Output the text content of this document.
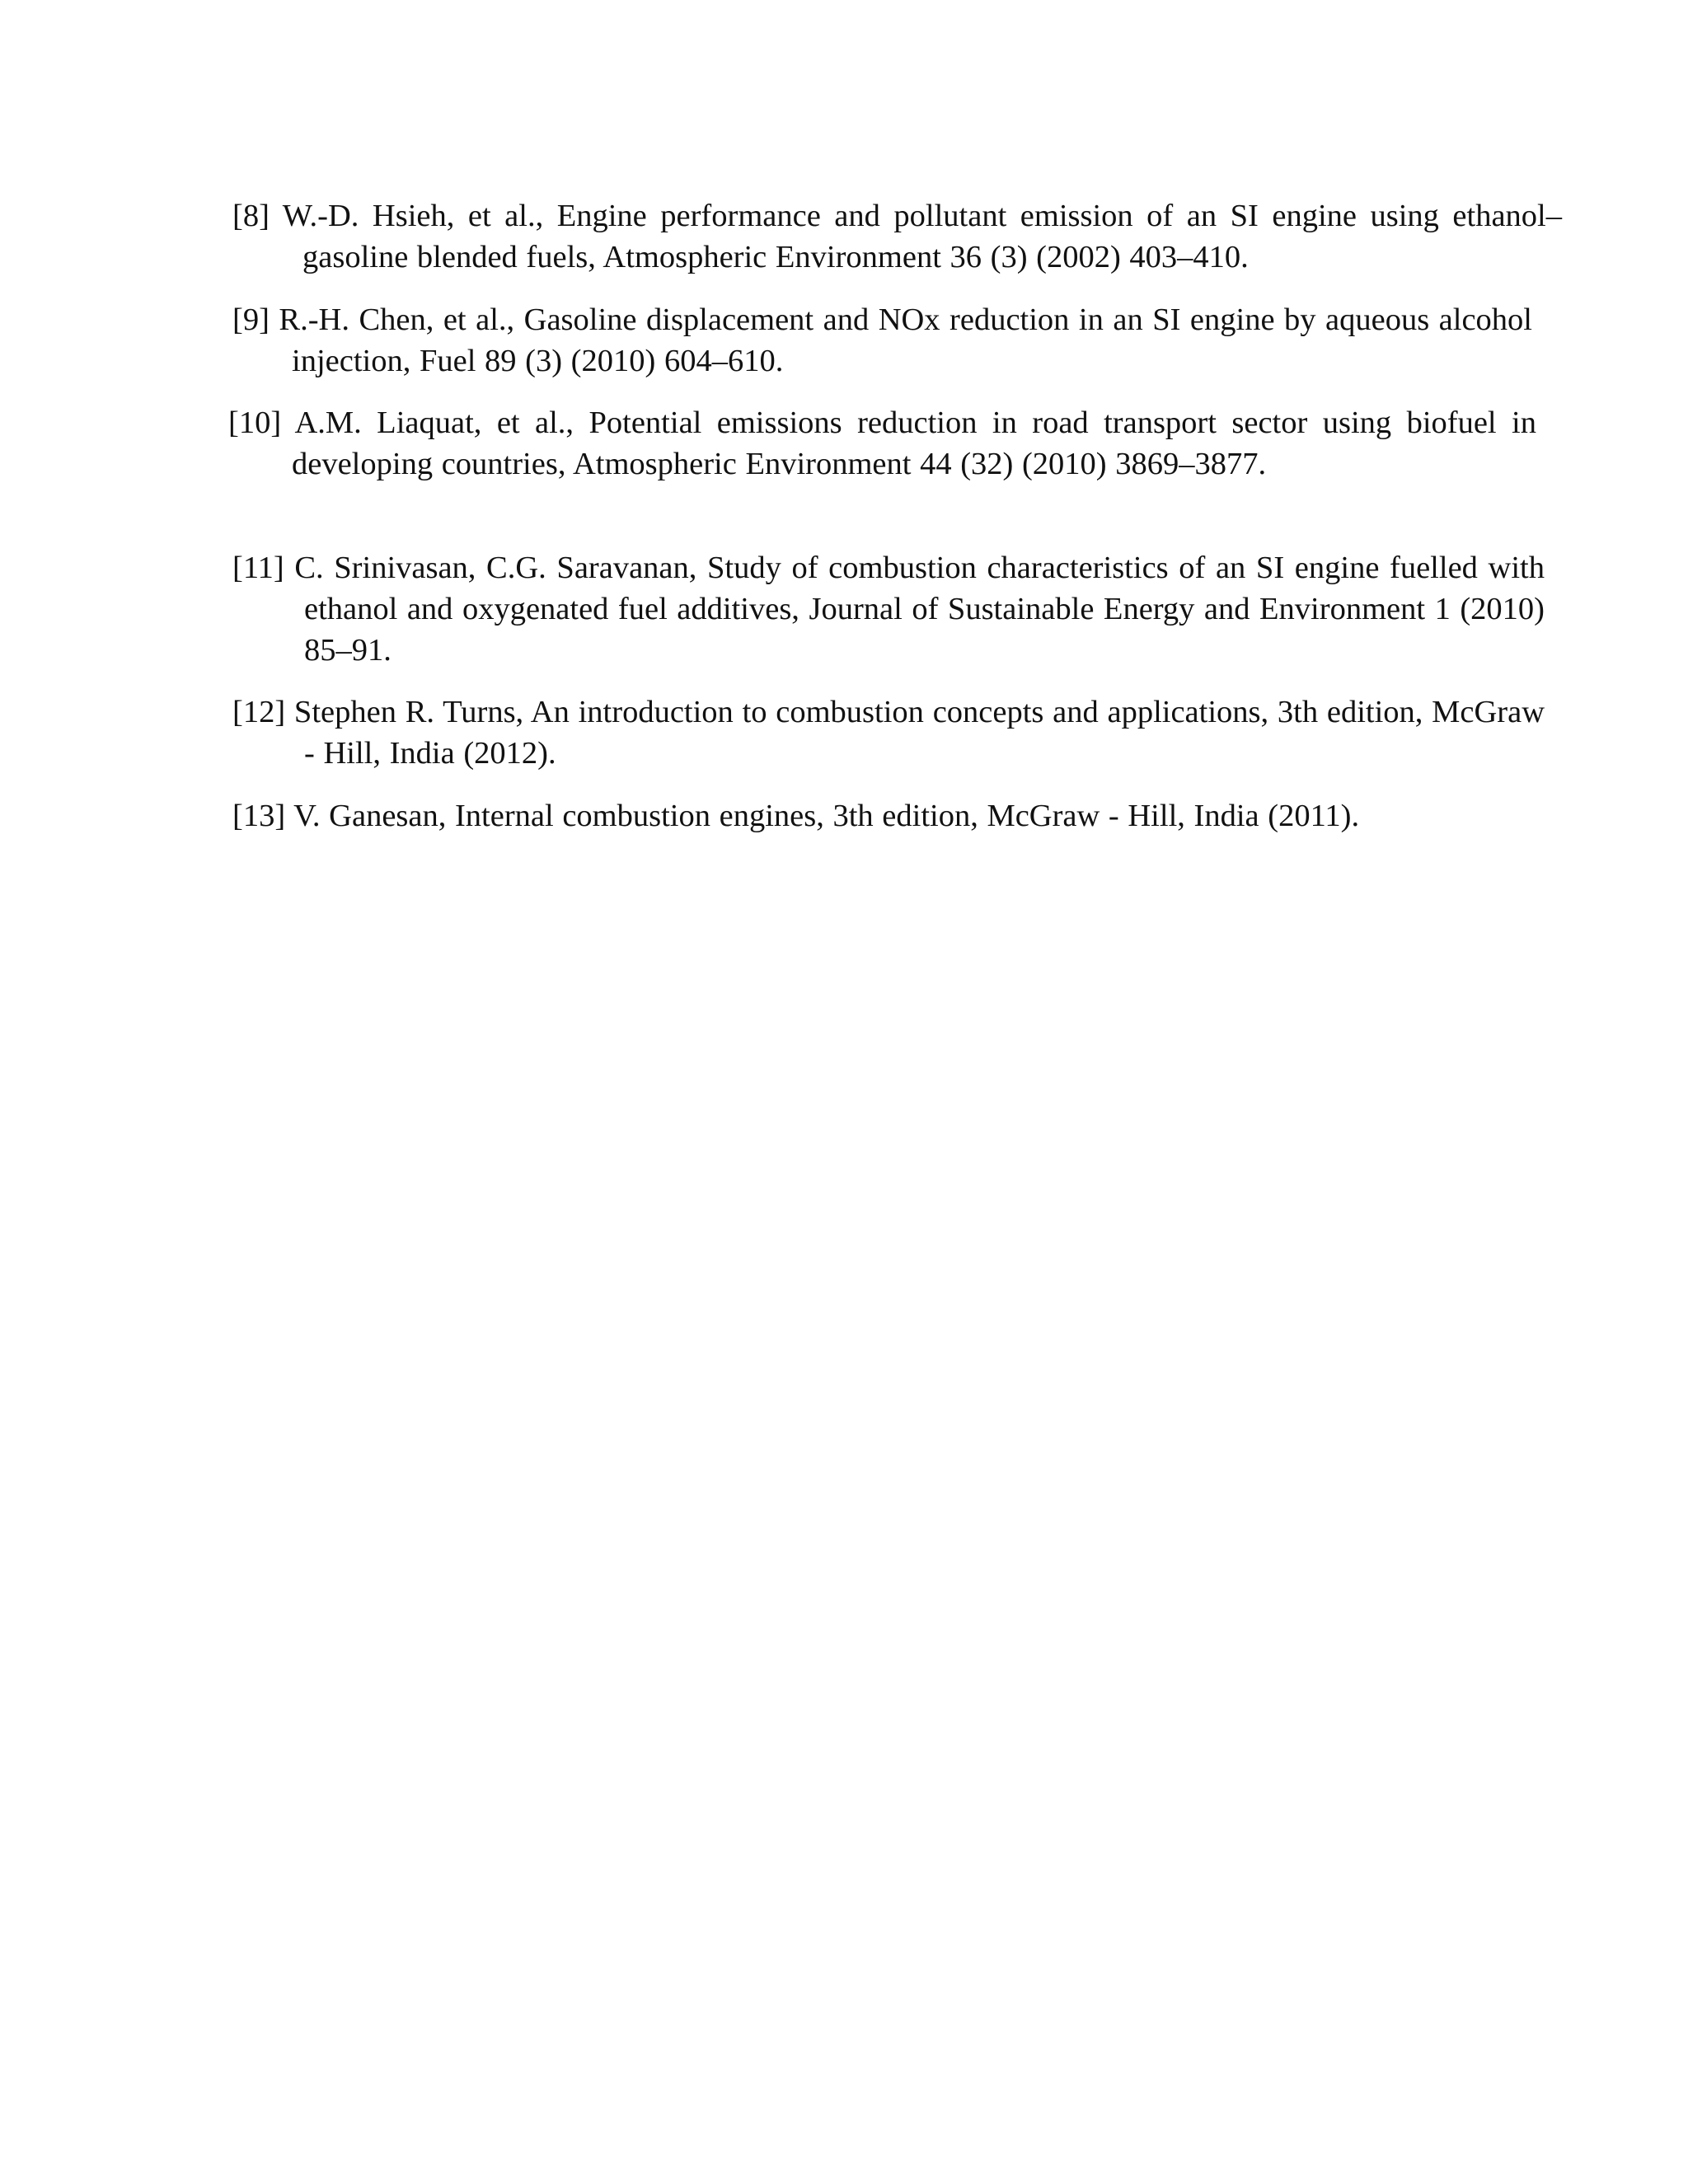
[8] W.-D. Hsieh, et al., Engine performance and pollutant emission of an SI engine using ethanol–gasoline blended fuels, Atmospheric Environment 36 (3) (2002) 403–410.

[9] R.-H. Chen, et al., Gasoline displacement and NOx reduction in an SI engine by aqueous alcohol injection, Fuel 89 (3) (2010) 604–610.

[10] A.M. Liaquat, et al., Potential emissions reduction in road transport sector using biofuel in developing countries, Atmospheric Environment 44 (32) (2010) 3869–3877.

[11] C. Srinivasan, C.G. Saravanan, Study of combustion characteristics of an SI engine fuelled with ethanol and oxygenated fuel additives, Journal of Sustainable Energy and Environment 1 (2010) 85–91.

[12] Stephen R. Turns, An introduction to combustion concepts and applications, 3th edition, McGraw - Hill, India (2012).

[13] V. Ganesan, Internal combustion engines, 3th edition, McGraw - Hill, India (2011).
